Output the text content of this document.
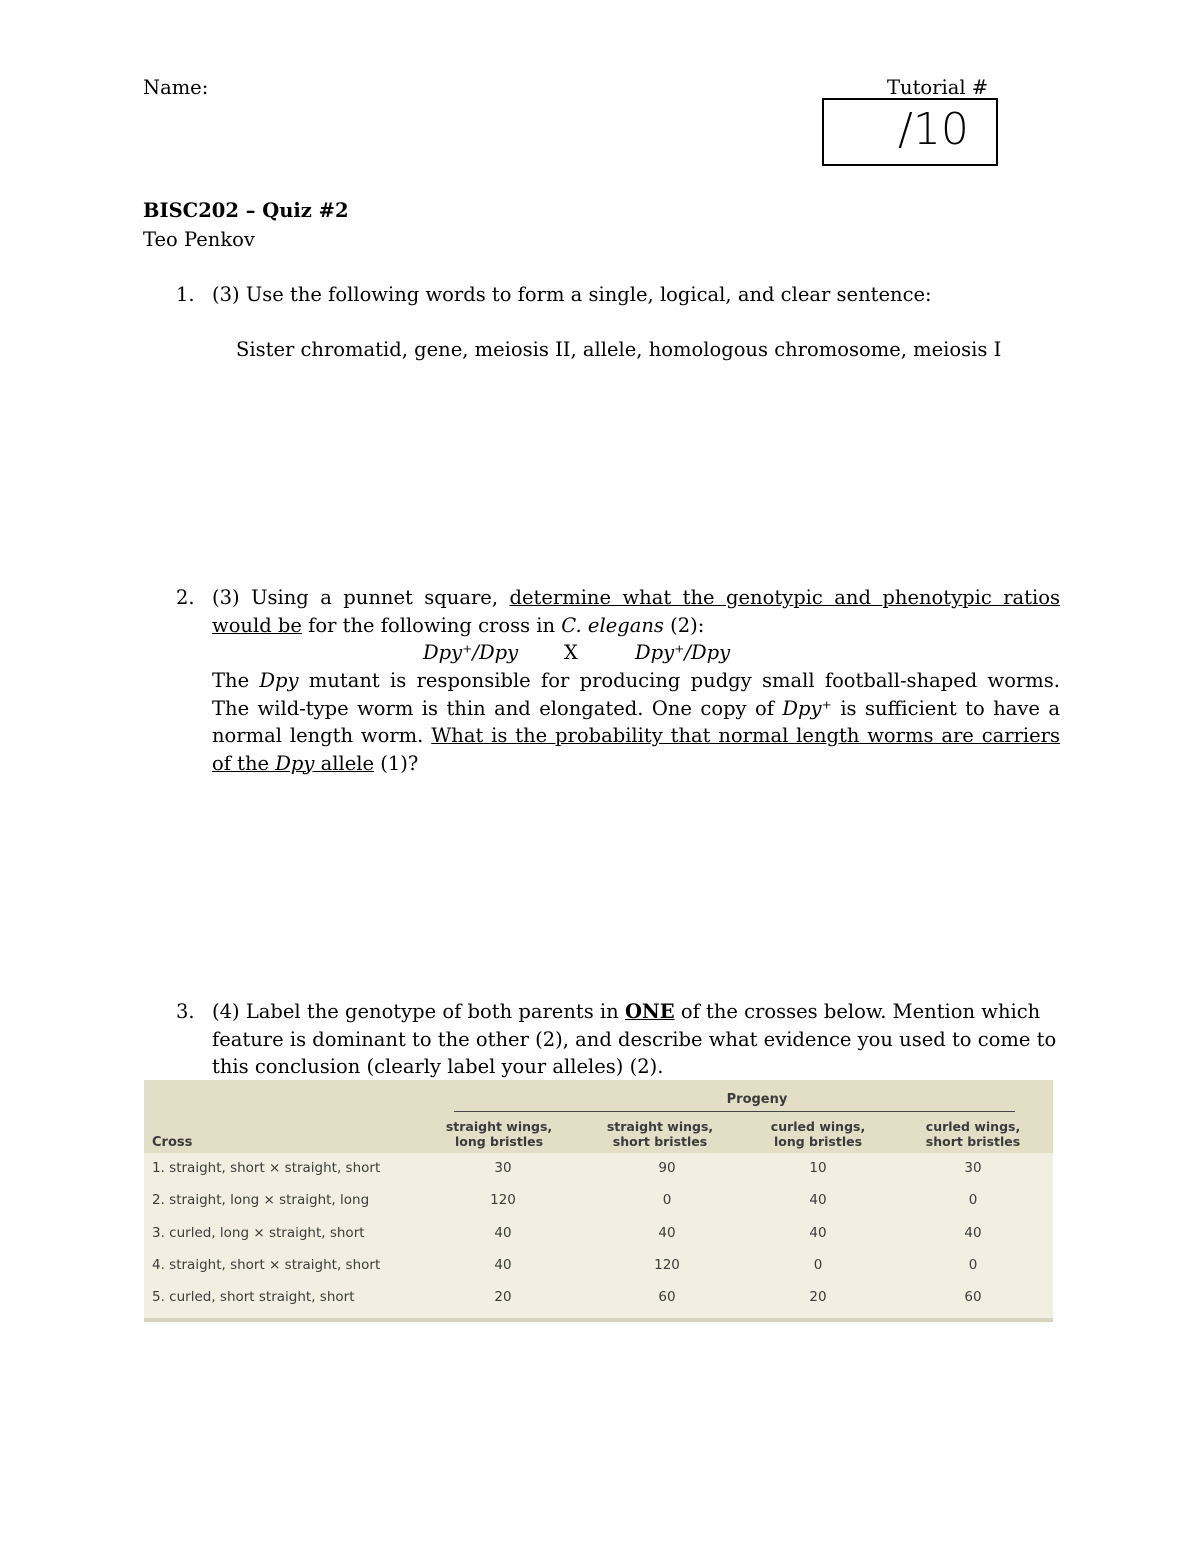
Name:	Tutorial #
/10
BISC202 – Quiz #2
Teo Penkov
1. (3) Use the following words to form a single, logical, and clear sentence:
Sister chromatid, gene, meiosis II, allele, homologous chromosome, meiosis I
2. (3) Using a punnet square, determine what the genotypic and phenotypic ratios would be for the following cross in C. elegans (2):

Dpy⁺/Dpy X	Dpy⁺/Dpy

The Dpy mutant is responsible for producing pudgy small football-shaped worms. The wild-type worm is thin and elongated. One copy of Dpy⁺ is sufficient to have a normal length worm. What is the probability that normal length worms are carriers of the Dpy allele (1)?

3. (4) Label the genotype of both parents in ONE of the crosses below. Mention which feature is dominant to the other (2), and describe what evidence you used to come to this conclusion (clearly label your alleles) (2).
Progeny
Cross
straight wings,
long bristles
straight wings,
short bristles
curled wings,
long bristles
curled wings,
short bristles
1. straight, short × straight, short	30	90	10	30
2. straight, long × straight, long	120	0	40	0
3. curled, long × straight, short	40	40	40	40
4. straight, short × straight, short	40	120	0	0
5. curled, short straight, short	20	60	20	60
